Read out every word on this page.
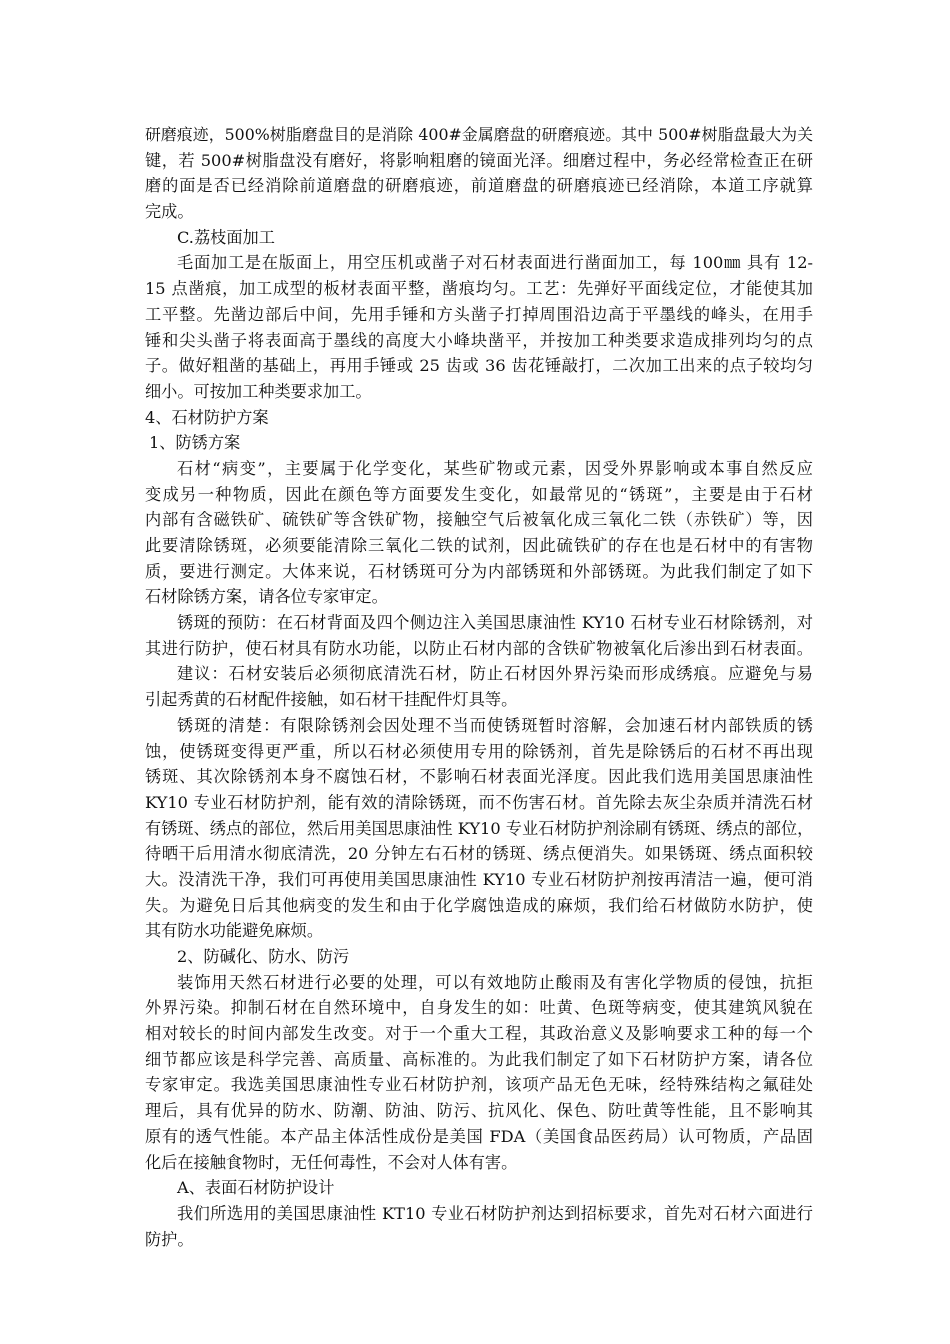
研磨痕迹，500%树脂磨盘目的是消除 400#金属磨盘的研磨痕迹。其中 500#树脂盘最大为关
键，若 500#树脂盘没有磨好，将影响粗磨的镜面光泽。细磨过程中，务必经常检查正在研
磨的面是否已经消除前道磨盘的研磨痕迹，前道磨盘的研磨痕迹已经消除，本道工序就算
完成。
C.荔枝面加工
毛面加工是在版面上，用空压机或凿子对石材表面进行凿面加工，每 100㎜ 具有 12-
15 点凿痕，加工成型的板材表面平整，凿痕均匀。工艺：先弹好平面线定位，才能使其加
工平整。先凿边部后中间，先用手锤和方头凿子打掉周围沿边高于平墨线的峰头，在用手
锤和尖头凿子将表面高于墨线的高度大小峰块凿平，并按加工种类要求造成排列均匀的点
子。做好粗凿的基础上，再用手锤或 25 齿或 36 齿花锤敲打，二次加工出来的点子较均匀
细小。可按加工种类要求加工。
4、石材防护方案
1、防锈方案
石材“病变”，主要属于化学变化，某些矿物或元素，因受外界影响或本事自然反应
变成另一种物质，因此在颜色等方面要发生变化，如最常见的“锈斑”，主要是由于石材
内部有含磁铁矿、硫铁矿等含铁矿物，接触空气后被氧化成三氧化二铁（赤铁矿）等，因
此要清除锈斑，必须要能清除三氧化二铁的试剂，因此硫铁矿的存在也是石材中的有害物
质，要进行测定。大体来说，石材锈斑可分为内部锈斑和外部锈斑。为此我们制定了如下
石材除锈方案，请各位专家审定。
锈斑的预防：在石材背面及四个侧边注入美国思康油性 KY10 石材专业石材除锈剂，对
其进行防护，使石材具有防水功能，以防止石材内部的含铁矿物被氧化后渗出到石材表面。
建议：石材安装后必须彻底清洗石材，防止石材因外界污染而形成绣痕。应避免与易
引起秀黄的石材配件接触，如石材干挂配件灯具等。
锈斑的清楚：有限除锈剂会因处理不当而使锈斑暂时溶解，会加速石材内部铁质的锈
蚀，使锈斑变得更严重，所以石材必须使用专用的除锈剂，首先是除锈后的石材不再出现
锈斑、其次除锈剂本身不腐蚀石材，不影响石材表面光泽度。因此我们选用美国思康油性
KY10 专业石材防护剂，能有效的清除锈斑，而不伤害石材。首先除去灰尘杂质并清洗石材
有锈斑、绣点的部位，然后用美国思康油性 KY10 专业石材防护剂涂刷有锈斑、绣点的部位，
待晒干后用清水彻底清洗，20 分钟左右石材的锈斑、绣点便消失。如果锈斑、绣点面积较
大。没清洗干净，我们可再使用美国思康油性 KY10 专业石材防护剂按再清洁一遍，便可消
失。为避免日后其他病变的发生和由于化学腐蚀造成的麻烦，我们给石材做防水防护，使
其有防水功能避免麻烦。
2、防碱化、防水、防污
装饰用天然石材进行必要的处理，可以有效地防止酸雨及有害化学物质的侵蚀，抗拒
外界污染。抑制石材在自然环境中，自身发生的如：吐黄、色斑等病变，使其建筑风貌在
相对较长的时间内部发生改变。对于一个重大工程，其政治意义及影响要求工种的每一个
细节都应该是科学完善、高质量、高标准的。为此我们制定了如下石材防护方案，请各位
专家审定。我选美国思康油性专业石材防护剂，该项产品无色无味，经特殊结构之氟硅处
理后，具有优异的防水、防潮、防油、防污、抗风化、保色、防吐黄等性能，且不影响其
原有的透气性能。本产品主体活性成份是美国 FDA（美国食品医药局）认可物质，产品固
化后在接触食物时，无任何毒性，不会对人体有害。
A、表面石材防护设计
我们所选用的美国思康油性 KT10 专业石材防护剂达到招标要求，首先对石材六面进行
防护。
